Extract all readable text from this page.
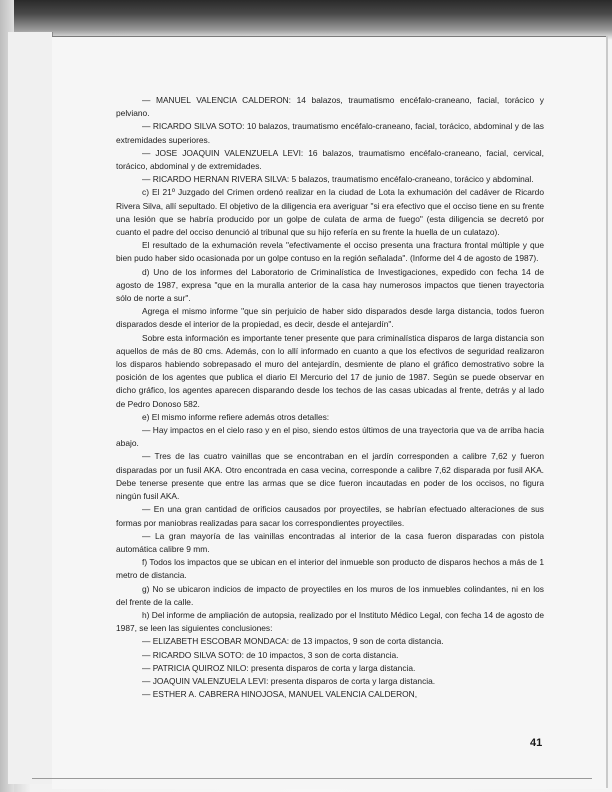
— MANUEL VALENCIA CALDERON: 14 balazos, traumatismo encéfalo-craneano, facial, torácico y pelviano.

— RICARDO SILVA SOTO: 10 balazos, traumatismo encéfalo-craneano, facial, torácico, abdominal y de las extremidades superiores.

— JOSE JOAQUIN VALENZUELA LEVI: 16 balazos, traumatismo encéfalo-craneano, facial, cervical, torácico, abdominal y de extremidades.

— RICARDO HERNAN RIVERA SILVA: 5 balazos, traumatismo encéfalo-craneano, torácico y abdominal.

c) El 21º Juzgado del Crimen ordenó realizar en la ciudad de Lota la exhumación del cadáver de Ricardo Rivera Silva, allí sepultado. El objetivo de la diligencia era averiguar "si era efectivo que el occiso tiene en su frente una lesión que se habría producido por un golpe de culata de arma de fuego" (esta diligencia se decretó por cuanto el padre del occiso denunció al tribunal que su hijo refería en su frente la huella de un culatazo).

El resultado de la exhumación revela "efectivamente el occiso presenta una fractura frontal múltiple y que bien pudo haber sido ocasionada por un golpe contuso en la región señalada". (Informe del 4 de agosto de 1987).

d) Uno de los informes del Laboratorio de Criminalística de Investigaciones, expedido con fecha 14 de agosto de 1987, expresa "que en la muralla anterior de la casa hay numerosos impactos que tienen trayectoria sólo de norte a sur".

Agrega el mismo informe "que sin perjuicio de haber sido disparados desde larga distancia, todos fueron disparados desde el interior de la propiedad, es decir, desde el antejardín".

Sobre esta información es importante tener presente que para criminalística disparos de larga distancia son aquellos de más de 80 cms. Además, con lo allí informado en cuanto a que los efectivos de seguridad realizaron los disparos habiendo sobrepasado el muro del antejardín, desmiente de plano el gráfico demostrativo sobre la posición de los agentes que publica el diario El Mercurio del 17 de junio de 1987. Según se puede observar en dicho gráfico, los agentes aparecen disparando desde los techos de las casas ubicadas al frente, detrás y al lado de Pedro Donoso 582.

e) El mismo informe refiere además otros detalles:

— Hay impactos en el cielo raso y en el piso, siendo estos últimos de una trayectoria que va de arriba hacia abajo.

— Tres de las cuatro vainillas que se encontraban en el jardín corresponden a calibre 7,62 y fueron disparadas por un fusil AKA. Otro encontrada en casa vecina, corresponde a calibre 7,62 disparada por fusil AKA. Debe tenerse presente que entre las armas que se dice fueron incautadas en poder de los occisos, no figura ningún fusil AKA.

— En una gran cantidad de orificios causados por proyectiles, se habrían efectuado alteraciones de sus formas por maniobras realizadas para sacar los correspondientes proyectiles.

— La gran mayoría de las vainillas encontradas al interior de la casa fueron disparadas con pistola automática calibre 9 mm.

f) Todos los impactos que se ubican en el interior del inmueble son producto de disparos hechos a más de 1 metro de distancia.

g) No se ubicaron indicios de impacto de proyectiles en los muros de los inmuebles colindantes, ni en los del frente de la calle.

h) Del informe de ampliación de autopsia, realizado por el Instituto Médico Legal, con fecha 14 de agosto de 1987, se leen las siguientes conclusiones:

— ELIZABETH ESCOBAR MONDACA: de 13 impactos, 9 son de corta distancia.

— RICARDO SILVA SOTO: de 10 impactos, 3 son de corta distancia.

— PATRICIA QUIROZ NILO: presenta disparos de corta y larga distancia.

— JOAQUIN VALENZUELA LEVI: presenta disparos de corta y larga distancia.

— ESTHER A. CABRERA HINOJOSA, MANUEL VALENCIA CALDERON,

41
